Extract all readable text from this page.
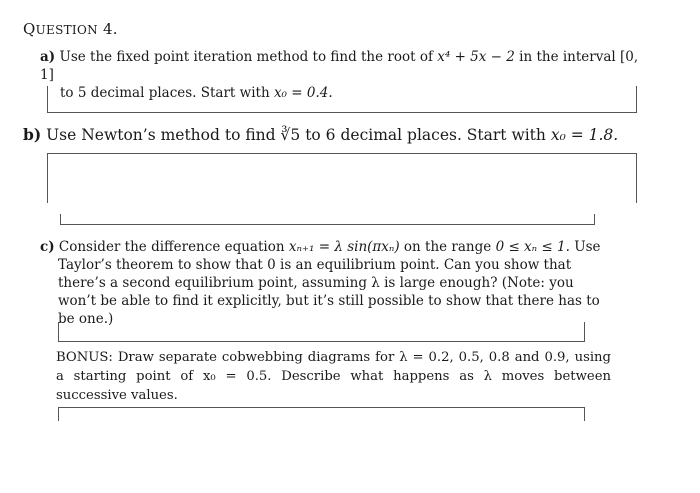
QUESTION 4.
a) Use the fixed point iteration method to find the root of x⁴ + 5x − 2 in the interval [0, 1]
to 5 decimal places. Start with x₀ = 0.4.
b) Use Newton’s method to find ∛5 to 6 decimal places. Start with x₀ = 1.8.
c) Consider the difference equation xₙ₊₁ = λ sin(πxₙ) on the range 0 ≤ xₙ ≤ 1. Use Taylor’s theorem to show that 0 is an equilibrium point. Can you show that there’s a second equilibrium point, assuming λ is large enough? (Note: you won’t be able to find it explicitly, but it’s still possible to show that there has to be one.)
BONUS: Draw separate cobwebbing diagrams for λ = 0.2, 0.5, 0.8 and 0.9, using a starting point of x₀ = 0.5. Describe what happens as λ moves between successive values.
